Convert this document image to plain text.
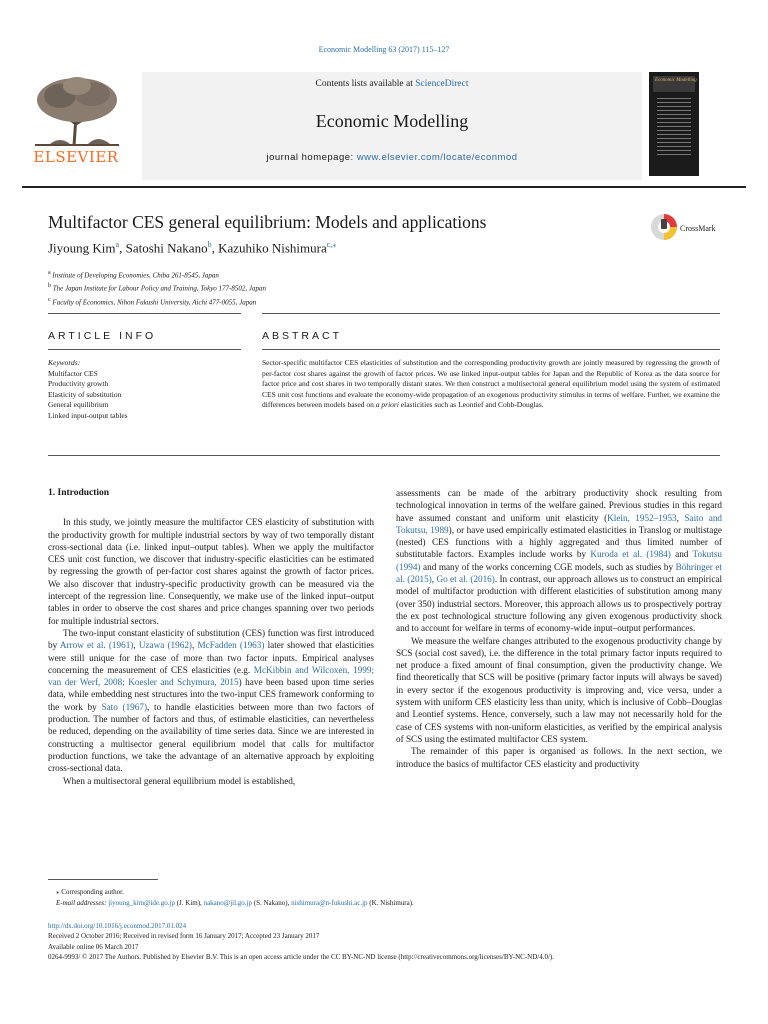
Economic Modelling 63 (2017) 115–127
ELSEVIER
Contents lists available at ScienceDirect
Economic Modelling
journal homepage: www.elsevier.com/locate/econmod
Economic Modelling
Multifactor CES general equilibrium: Models and applications	CrossMark
Jiyoung Kim$^a$, Satoshi Nakano$^b$, Kazuhiko Nishimura$^{c,⁎}$
$^a$ Institute of Developing Economies, Chiba 261-8545, Japan
$^b$ The Japan Institute for Labour Policy and Training, Tokyo 177-8502, Japan
$^c$ Faculty of Economics, Nihon Fukushi University, Aichi 477-0055, Japan
ARTICLE INFO	ABSTRACT
Keywords:
Multifactor CES
Productivity growth
Elasticity of substitution
General equilibrium
Linked input-output tables
Sector-specific multifactor CES elasticities of substitution and the corresponding productivity growth are jointly measured by regressing the growth of per-factor cost shares against the growth of factor prices. We use linked input-output tables for Japan and the Republic of Korea as the data source for factor price and cost shares in two temporally distant states. We then construct a multisectoral general equilibrium model using the system of estimated CES unit cost functions and evaluate the economy-wide propagation of an exogenous productivity stimulus in terms of welfare. Further, we examine the differences between models based on a priori elasticities such as Leontief and Cobb-Douglas.
1. Introduction
In this study, we jointly measure the multifactor CES elasticity of substitution with the productivity growth for multiple industrial sectors by way of two temporally distant cross-sectional data (i.e. linked input–output tables). When we apply the multifactor CES unit cost function, we discover that industry-specific elasticities can be estimated by regressing the growth of per-factor cost shares against the growth of factor prices. We also discover that industry-specific productivity growth can be measured via the intercept of the regression line. Consequently, we make use of the linked input–output tables in order to observe the cost shares and price changes spanning over two periods for multiple industrial sectors.
The two-input constant elasticity of substitution (CES) function was first introduced by Arrow et al. (1961), Uzawa (1962), McFadden (1963) later showed that elasticities were still unique for the case of more than two factor inputs. Empirical analyses concerning the measurement of CES elasticities (e.g. McKibbin and Wilcoxen, 1999; van der Werf, 2008; Koesler and Schymura, 2015) have been based upon time series data, while embedding nest structures into the two-input CES framework conforming to the work by Sato (1967), to handle elasticities between more than two factors of production. The number of factors and thus, of estimable elasticities, can nevertheless be reduced, depending on the availability of time series data. Since we are interested in constructing a multisector general equilibrium model that calls for multifactor production functions, we take the advantage of an alternative approach by exploiting cross-sectional data.
When a multisectoral general equilibrium model is established,
assessments can be made of the arbitrary productivity shock resulting from technological innovation in terms of the welfare gained. Previous studies in this regard have assumed constant and uniform unit elasticity (Klein, 1952–1953, Saito and Tokutsu, 1989), or have used empirically estimated elasticities in Translog or multistage (nested) CES functions with a highly aggregated and thus limited number of substitutable factors. Examples include works by Kuroda et al. (1984) and Tokutsu (1994) and many of the works concerning CGE models, such as studies by Böhringer et al. (2015), Go et al. (2016). In contrast, our approach allows us to construct an empirical model of multifactor production with different elasticities of substitution among many (over 350) industrial sectors. Moreover, this approach allows us to prospectively portray the ex post technological structure following any given exogenous productivity shock and to account for welfare in terms of economy-wide input–output performances.
We measure the welfare changes attributed to the exogenous productivity change by SCS (social cost saved), i.e. the difference in the total primary factor inputs required to net produce a fixed amount of final consumption, given the productivity change. We find theoretically that SCS will be positive (primary factor inputs will always be saved) in every sector if the exogenous productivity is improving and, vice versa, under a system with uniform CES elasticity less than unity, which is inclusive of Cobb–Douglas and Leontief systems. Hence, conversely, such a law may not necessarily hold for the case of CES systems with non-uniform elasticities, as verified by the empirical analysis of SCS using the estimated multifactor CES system.
The remainder of this paper is organised as follows. In the next section, we introduce the basics of multifactor CES elasticity and productivity
⁎ Corresponding author.
E-mail addresses: jiyoung_kim@ide.go.jp (J. Kim), nakano@jil.go.jp (S. Nakano), nishimura@n-fukushi.ac.jp (K. Nishimura).
http://dx.doi.org/10.1016/j.econmod.2017.01.024
Received 2 October 2016; Received in revised form 16 January 2017; Accepted 23 January 2017
Available online 06 March 2017
0264-9993/ © 2017 The Authors. Published by Elsevier B.V. This is an open access article under the CC BY-NC-ND license (http://creativecommons.org/licenses/BY-NC-ND/4.0/).
